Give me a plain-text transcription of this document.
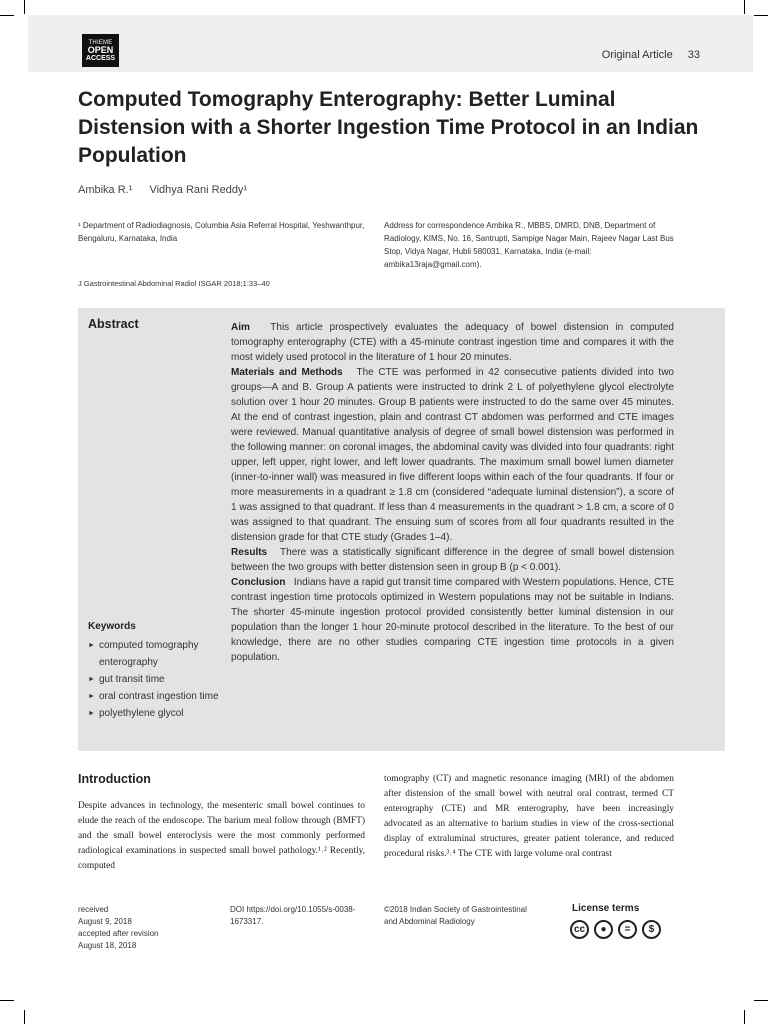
THIEME
OPEN
ACCESS	Original Article 33
Computed Tomography Enterography: Better Luminal Distension with a Shorter Ingestion Time Protocol in an Indian Population
Ambika R.¹ Vidhya Rani Reddy¹
¹ Department of Radiodiagnosis, Columbia Asia Referral Hospital, Yeshwanthpur, Bengaluru, Karnataka, India
Address for correspondence Ambika R., MBBS, DMRD, DNB, Department of Radiology, KIMS, No. 16, Santrupti, Sampige Nagar Main, Rajeev Nagar Last Bus Stop, Vidya Nagar, Hubli 580031, Karnataka, India (e-mail: ambika13raja@gmail.com).
J Gastrointestinal Abdominal Radiol ISGAR 2018;1:33–40
Abstract	Aim This article prospectively evaluates the adequacy of bowel distension in computed tomography enterography (CTE) with a 45-minute contrast ingestion time and compares it with the most widely used protocol in the literature of 1 hour 20 minutes.
Materials and Methods The CTE was performed in 42 consecutive patients divided into two groups—A and B. Group A patients were instructed to drink 2 L of polyethylene glycol electrolyte solution over 1 hour 20 minutes. Group B patients were instructed to do the same over 45 minutes. At the end of contrast ingestion, plain and contrast CT abdomen was performed and CTE images were reviewed. Manual quantitative analysis of degree of small bowel distension was performed in the following manner: on coronal images, the abdominal cavity was divided into four quadrants: right upper, left upper, right lower, and left lower quadrants. The maximum small bowel lumen diameter (inner-to-inner wall) was measured in five different loops within each of the four quadrants. If four or more measurements in a quadrant ≥ 1.8 cm (considered “adequate luminal distension”), a score of 1 was assigned to that quadrant. If less than 4 measurements in the quadrant > 1.8 cm, a score of 0 was assigned to that quadrant. The ensuing sum of scores from all four quadrants resulted in the distension grade for that CTE study (Grades 1–4).
Results There was a statistically significant difference in the degree of small bowel distension between the two groups with better distension seen in group B (p < 0.001).
Conclusion Indians have a rapid gut transit time compared with Western populations. Hence, CTE contrast ingestion time protocols optimized in Western populations may not be suitable in Indians. The shorter 45-minute ingestion protocol provided consistently better luminal distension in our population than the longer 1 hour 20-minute protocol described in the literature. To the best of our knowledge, there are no other studies comparing CTE ingestion time protocols in a given population.

Keywords
► computed tomography enterography
► gut transit time
► oral contrast ingestion time
► polyethylene glycol
Introduction

Despite advances in technology, the mesenteric small bowel continues to elude the reach of the endoscope. The barium meal follow through (BMFT) and the small bowel enteroclysis were the most commonly performed radiological examinations in suspected small bowel pathology.¹˒² Recently, computed

tomography (CT) and magnetic resonance imaging (MRI) of the abdomen after distension of the small bowel with neutral oral contrast, termed CT enterography (CTE) and MR enterography, have been increasingly advocated as an alternative to barium studies in view of the cross-sectional display of extraluminal structures, greater patient tolerance, and reduced procedural risks.³˒⁴ The CTE with large volume oral contrast

received
August 9, 2018
accepted after revision
August 18, 2018
DOI https://doi.org/10.1055/s-0038-1673317.
©2018 Indian Society of Gastrointestinal and Abdominal Radiology
License terms
cc	●	=	$
